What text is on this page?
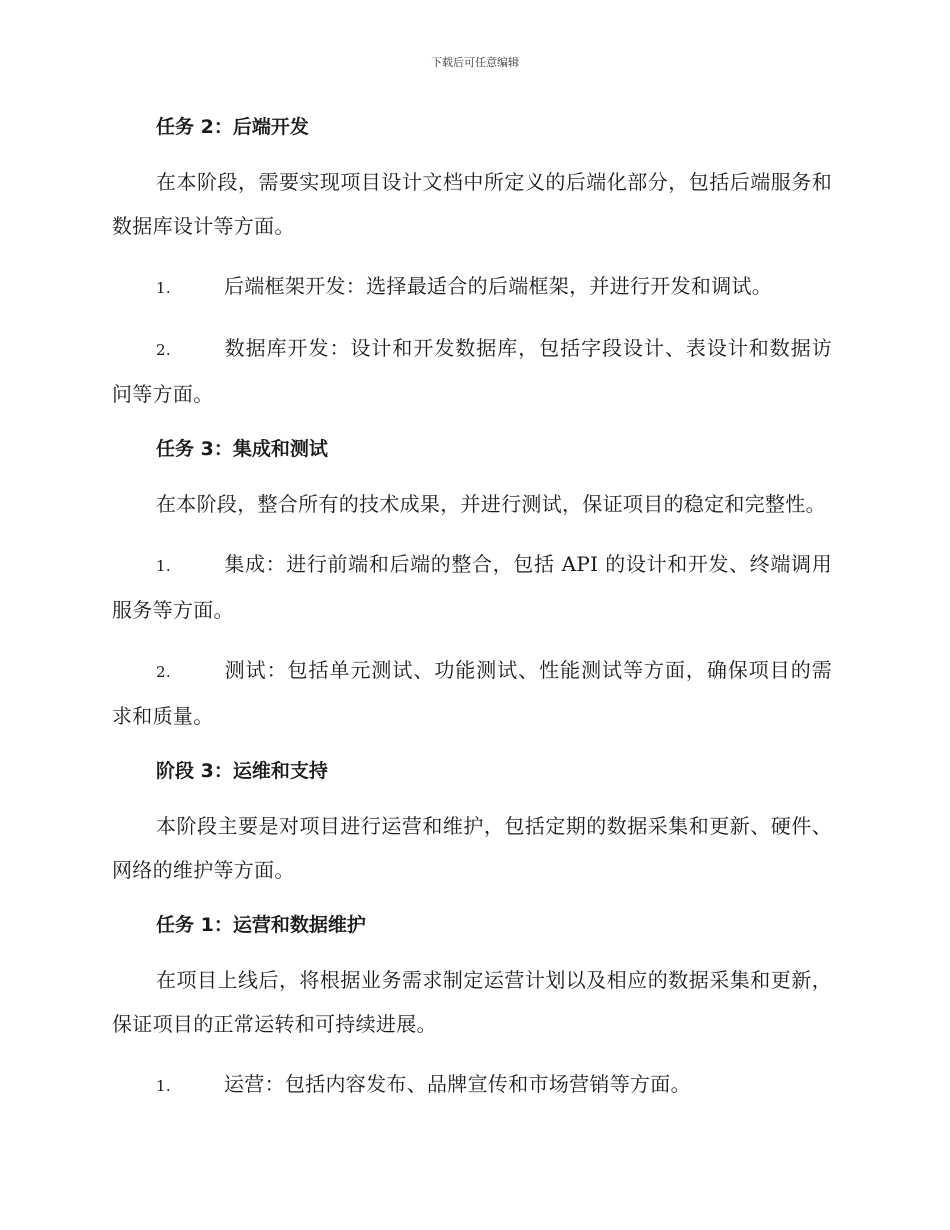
下载后可任意编辑
任务 2：后端开发
在本阶段，需要实现项目设计文档中所定义的后端化部分，包括后端服务和数据库设计等方面。
1.	后端框架开发：选择最适合的后端框架，并进行开发和调试。
2.	数据库开发：设计和开发数据库，包括字段设计、表设计和数据访问等方面。
任务 3：集成和测试
在本阶段，整合所有的技术成果，并进行测试，保证项目的稳定和完整性。
1.	集成：进行前端和后端的整合，包括 API 的设计和开发、终端调用服务等方面。
2.	测试：包括单元测试、功能测试、性能测试等方面，确保项目的需求和质量。
阶段 3：运维和支持
本阶段主要是对项目进行运营和维护，包括定期的数据采集和更新、硬件、网络的维护等方面。
任务 1：运营和数据维护
在项目上线后，将根据业务需求制定运营计划以及相应的数据采集和更新，保证项目的正常运转和可持续进展。
1.	运营：包括内容发布、品牌宣传和市场营销等方面。
